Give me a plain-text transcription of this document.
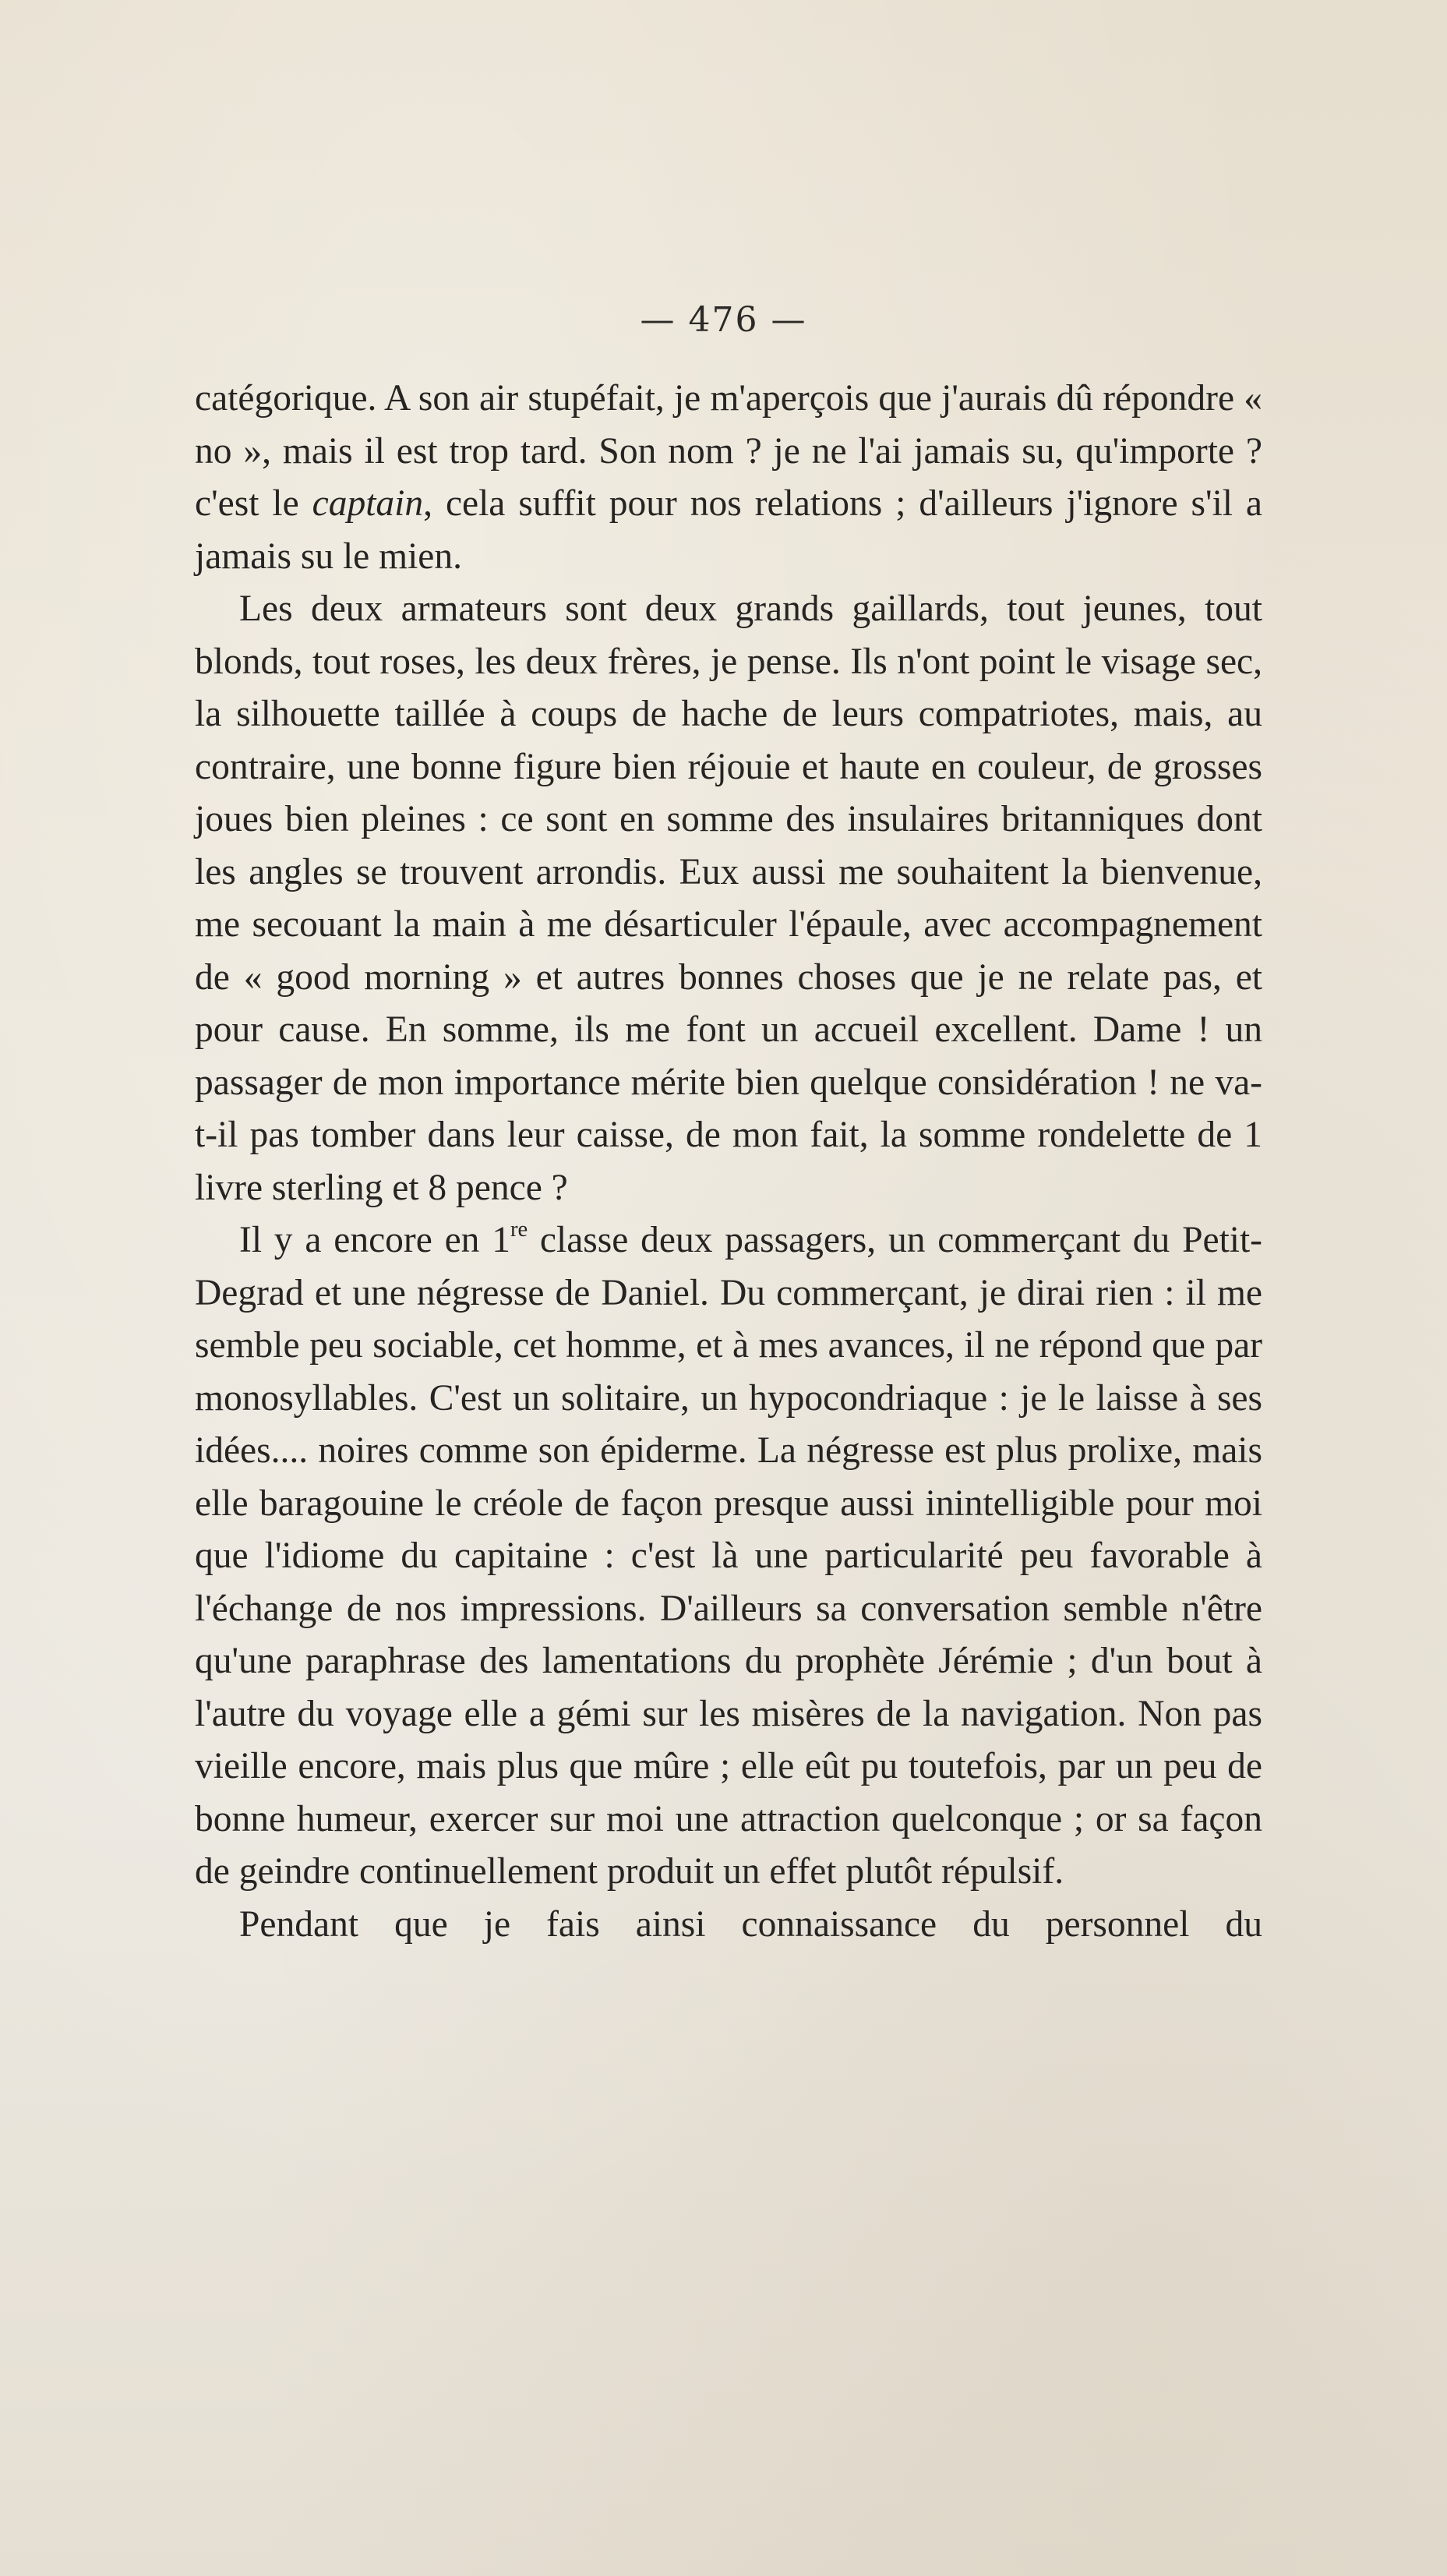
— 476 —

catégorique. A son air stupéfait, je m'aperçois que j'aurais dû répondre « no », mais il est trop tard. Son nom ? je ne l'ai jamais su, qu'importe ? c'est le captain, cela suffit pour nos relations ; d'ailleurs j'ignore s'il a jamais su le mien.

Les deux armateurs sont deux grands gaillards, tout jeunes, tout blonds, tout roses, les deux frères, je pense. Ils n'ont point le visage sec, la silhouette taillée à coups de hache de leurs compatriotes, mais, au contraire, une bonne figure bien réjouie et haute en couleur, de grosses joues bien pleines : ce sont en somme des insulaires britanniques dont les angles se trouvent arrondis. Eux aussi me souhaitent la bienvenue, me secouant la main à me désarticuler l'épaule, avec accompagnement de « good morning » et autres bonnes choses que je ne relate pas, et pour cause. En somme, ils me font un accueil excellent. Dame ! un passager de mon importance mérite bien quelque considération ! ne va-t-il pas tomber dans leur caisse, de mon fait, la somme rondelette de 1 livre sterling et 8 pence ?

Il y a encore en 1re classe deux passagers, un commerçant du Petit-Degrad et une négresse de Daniel. Du commerçant, je dirai rien : il me semble peu sociable, cet homme, et à mes avances, il ne répond que par monosyllables. C'est un solitaire, un hypocondriaque : je le laisse à ses idées.... noires comme son épiderme. La négresse est plus prolixe, mais elle baragouine le créole de façon presque aussi inintelligible pour moi que l'idiome du capitaine : c'est là une particularité peu favorable à l'échange de nos impressions. D'ailleurs sa conversation semble n'être qu'une paraphrase des lamentations du prophète Jérémie ; d'un bout à l'autre du voyage elle a gémi sur les misères de la navigation. Non pas vieille encore, mais plus que mûre ; elle eût pu toutefois, par un peu de bonne humeur, exercer sur moi une attraction quelconque ; or sa façon de geindre continuellement produit un effet plutôt répulsif.

Pendant que je fais ainsi connaissance du personnel du
